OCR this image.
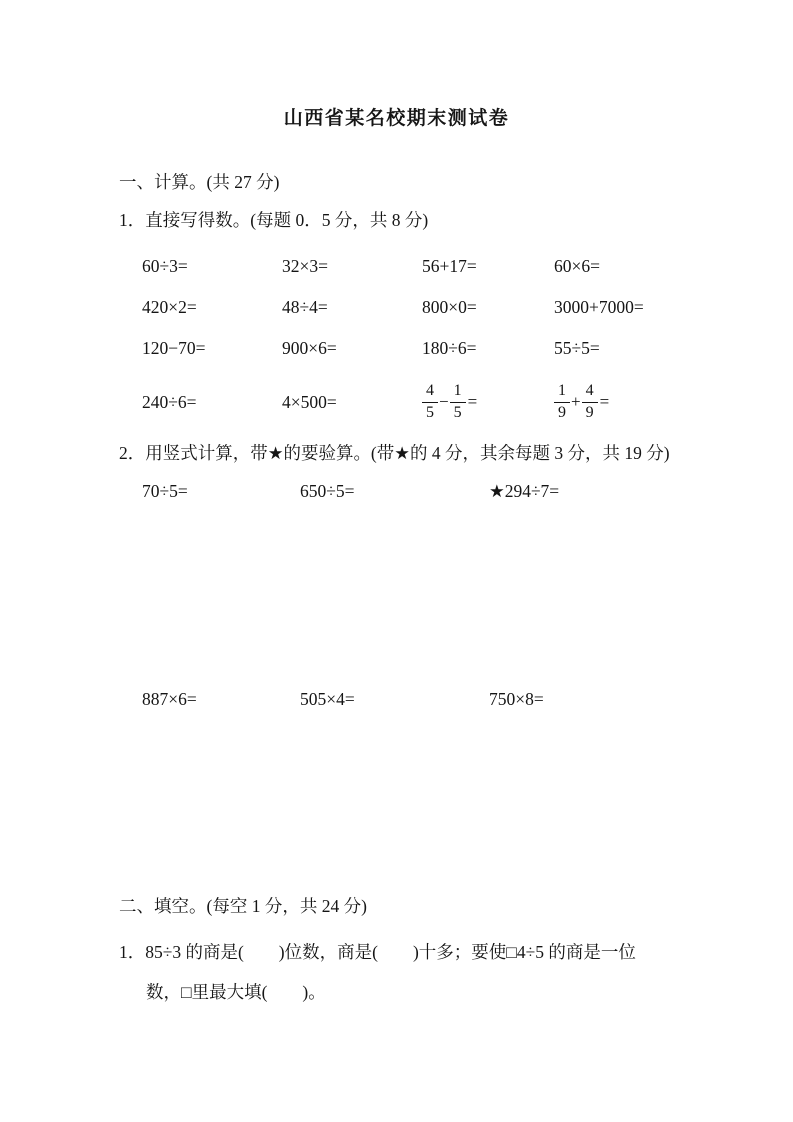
山西省某名校期末测试卷
一、计算。(共 27 分)
1．直接写得数。(每题 0．5 分，共 8 分)
60÷3=	32×3=	56+17=	60×6=
420×2=	48÷4=	800×0=	3000+7000=
120−70=	900×6=	180÷6=	55÷5=
240÷6=	4×500=	$\frac{4}{5} - \frac{1}{5}$ =	$\frac{1}{9} + \frac{4}{9}$ =
2．用竖式计算，带★的要验算。(带★的 4 分，其余每题 3 分，共 19 分)
70÷5=	650÷5=	★294÷7=
887×6=	505×4=	750×8=
二、填空。(每空 1 分，共 24 分)
1．85÷3 的商是(　　)位数，商是(　　)十多；要使□4÷5 的商是一位
数，□里最大填(　　)。
